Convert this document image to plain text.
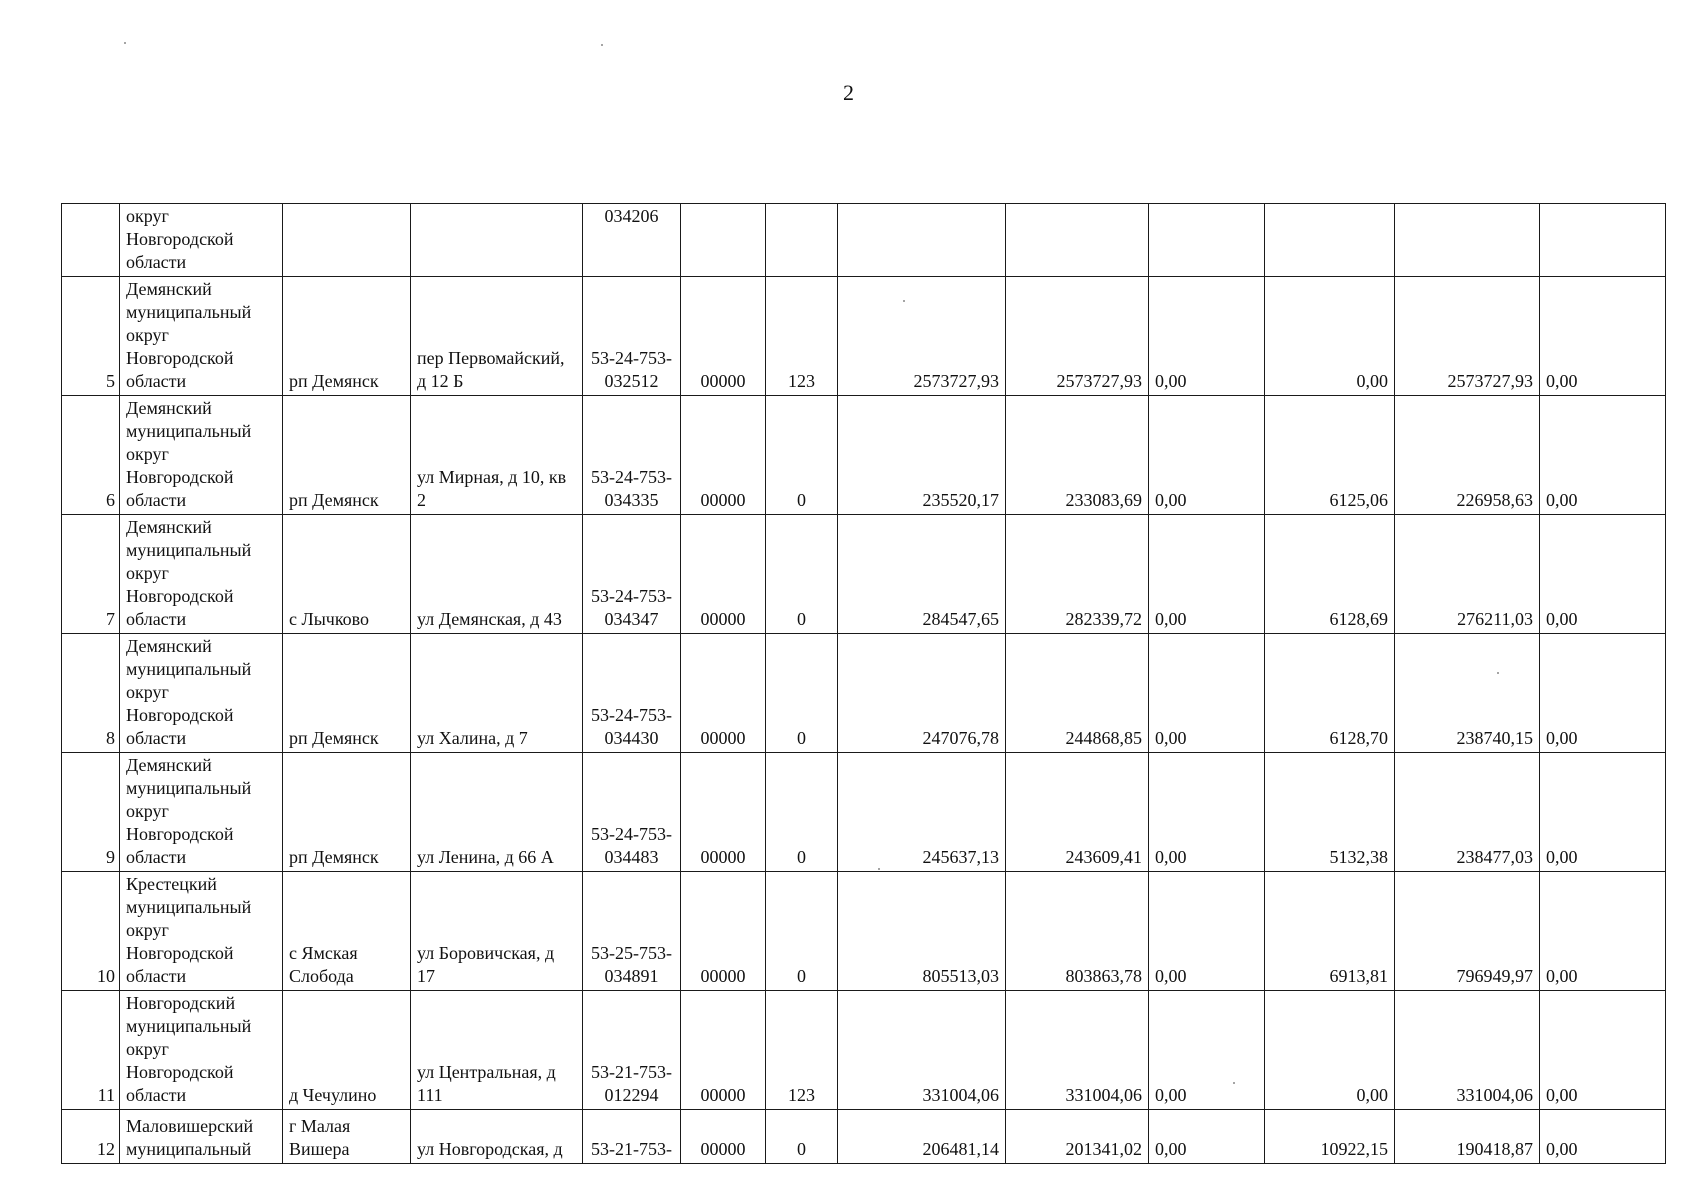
2
	округ Новгородской области			034206								
5	Демянский муниципальный округ Новгородской области	рп Демянск	пер Первомайский, д 12 Б	53-24-753-032512	00000	123	2573727,93	2573727,93	0,00	0,00	2573727,93	0,00
6	Демянский муниципальный округ Новгородской области	рп Демянск	ул Мирная, д 10, кв 2	53-24-753-034335	00000	0	235520,17	233083,69	0,00	6125,06	226958,63	0,00
7	Демянский муниципальный округ Новгородской области	с Лычково	ул Демянская, д 43	53-24-753-034347	00000	0	284547,65	282339,72	0,00	6128,69	276211,03	0,00
8	Демянский муниципальный округ Новгородской области	рп Демянск	ул Халина, д 7	53-24-753-034430	00000	0	247076,78	244868,85	0,00	6128,70	238740,15	0,00
9	Демянский муниципальный округ Новгородской области	рп Демянск	ул Ленина, д 66 А	53-24-753-034483	00000	0	245637,13	243609,41	0,00	5132,38	238477,03	0,00
10	Крестецкий муниципальный округ Новгородской области	с Ямская Слобода	ул Боровичская, д 17	53-25-753-034891	00000	0	805513,03	803863,78	0,00	6913,81	796949,97	0,00
11	Новгородский муниципальный округ Новгородской области	д Чечулино	ул Центральная, д 111	53-21-753-012294	00000	123	331004,06	331004,06	0,00	0,00	331004,06	0,00
12	Маловишерский муниципальный	г Малая Вишера	ул Новгородская, д	53-21-753-	00000	0	206481,14	201341,02	0,00	10922,15	190418,87	0,00
